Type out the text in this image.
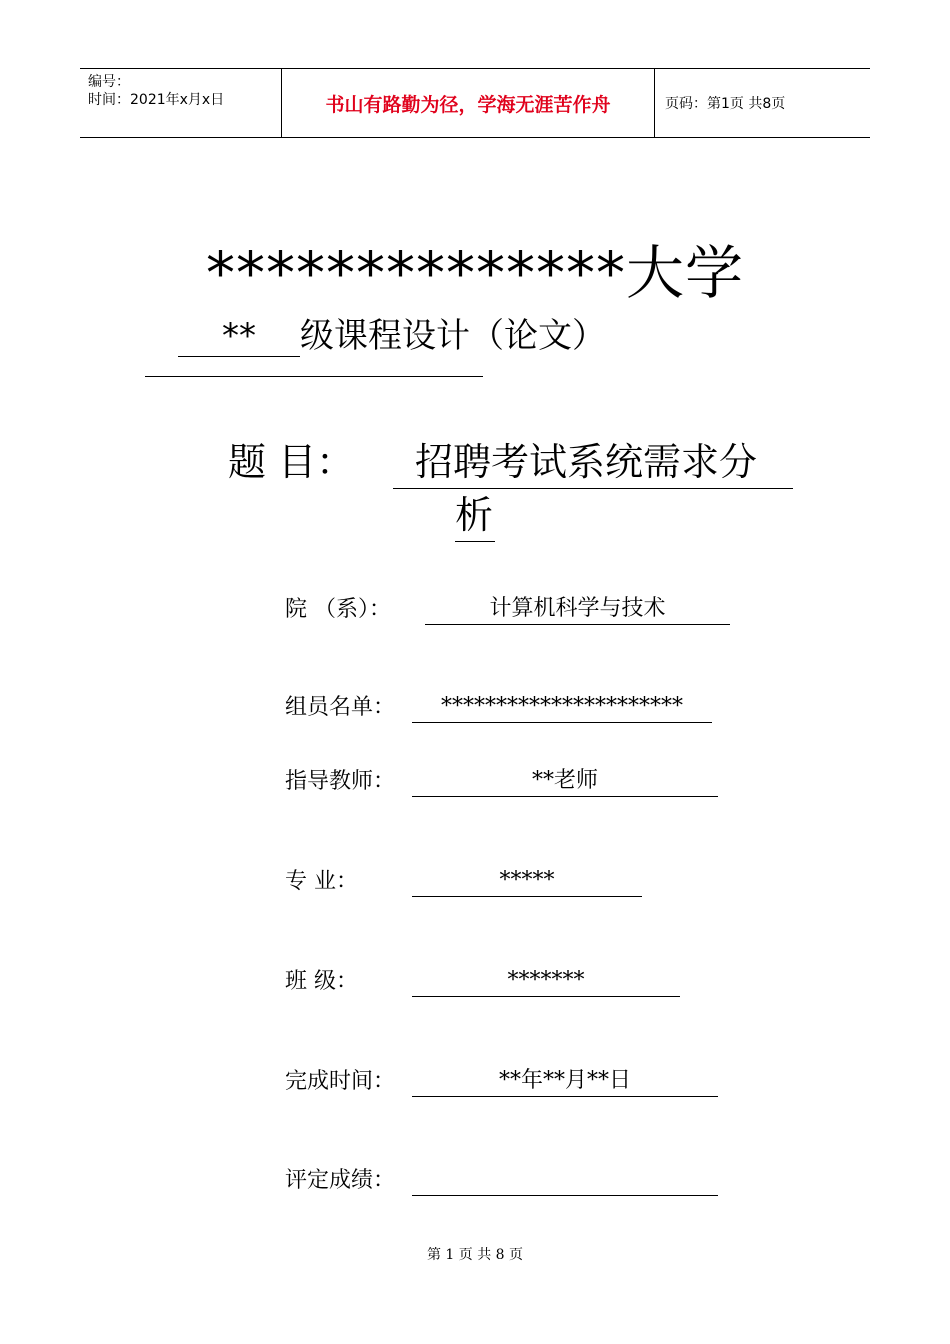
编号：
时间：2021年x月x日	书山有路勤为径，学海无涯苦作舟	页码：第1页 共8页
**************大学
** 级课程设计（论文）
题 目：	招聘考试系统需求分
析
院 （系）：	计算机科学与技术
组员名单：	**********************
指导教师：	**老师
专 业：	*****
班 级：	*******
完成时间：	**年**月**日
评定成绩：
第 1 页 共 8 页
